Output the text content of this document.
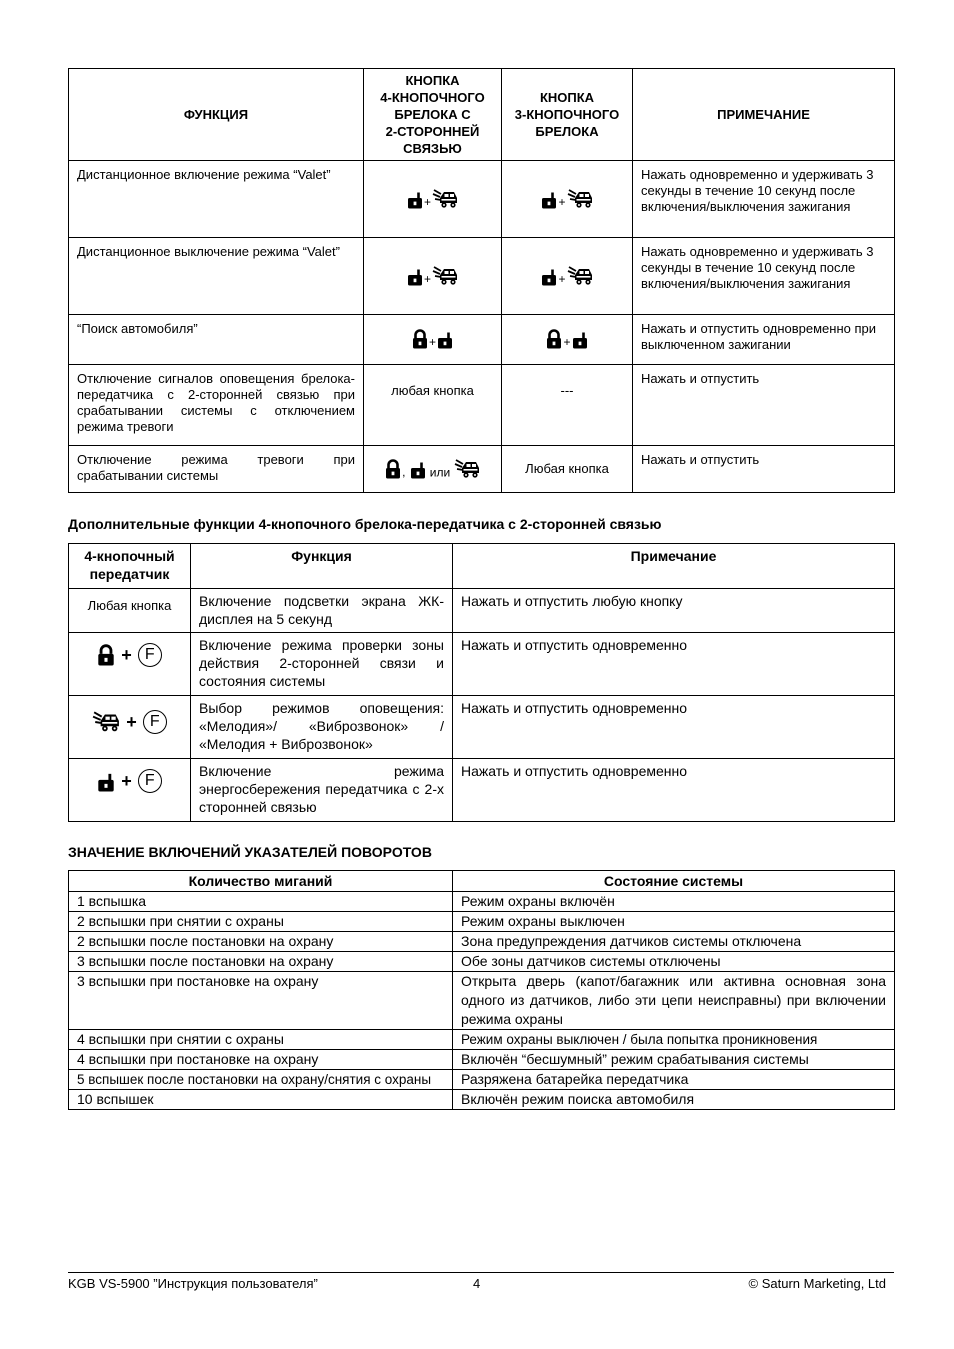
ФУНКЦИЯ	КНОПКА
4-КНОПОЧНОГО
БРЕЛОКА С
2-СТОРОННЕЙ
СВЯЗЬЮ	КНОПКА
3-КНОПОЧНОГО
БРЕЛОКА	ПРИМЕЧАНИЕ
Дистанционное включение режима “Valet”	+	+	Нажать одновременно и удерживать 3 секунды в течение 10 секунд после включения/выключения зажигания
Дистанционное выключение режима “Valet”	+	+	Нажать одновременно и удерживать 3 секунды в течение 10 секунд после включения/выключения зажигания
“Поиск автомобиля”	+	+	Нажать и отпустить одновременно при выключенном зажигании
Отключение сигналов оповещения брелока-передатчика с 2-сторонней связью при срабатывании системы с отключением режима тревоги	любая кнопка	---	Нажать и отпустить
Отключение режима тревоги при срабатывании системы	, или	Любая кнопка	Нажать и отпустить
Дополнительные функции 4-кнопочного брелока-передатчика с 2-сторонней связью
4-кнопочный
передатчик	Функция	Примечание
Любая кнопка	Включение подсветки экрана ЖК-дисплея на 5 секунд	Нажать и отпустить любую кнопку
+ F	Включение режима проверки зоны действия 2-сторонней связи и состояния системы	Нажать и отпустить одновременно
+ F	Выбор режимов оповещения: «Мелодия»/ «Виброзвонок» / «Мелодия + Виброзвонок»	Нажать и отпустить одновременно
+ F	Включение режима энергосбережения передатчика с 2-х сторонней связью	Нажать и отпустить одновременно
ЗНАЧЕНИЕ ВКЛЮЧЕНИЙ УКАЗАТЕЛЕЙ ПОВОРОТОВ
Количество миганий	Состояние системы
1 вспышка	Режим охраны включён
2 вспышки при снятии с охраны	Режим охраны выключен
2 вспышки после постановки на охрану	Зона предупреждения датчиков системы отключена
3 вспышки после постановки на охрану	Обе зоны датчиков системы отключены
3 вспышки при постановке на охрану	Открыта дверь (капот/багажник или активна основная зона одного из датчиков, либо эти цепи неисправны) при включении режима охраны
4 вспышки при снятии с охраны	Режим охраны выключен / была попытка проникновения
4 вспышки при постановке на охрану	Включён “бесшумный” режим срабатывания системы
5 вспышек после постановки на охрану/снятия с охраны	Разряжена батарейка передатчика
10 вспышек	Включён режим поиска автомобиля
KGB VS-5900 ”Инструкция пользователя”	4	© Saturn Marketing, Ltd
